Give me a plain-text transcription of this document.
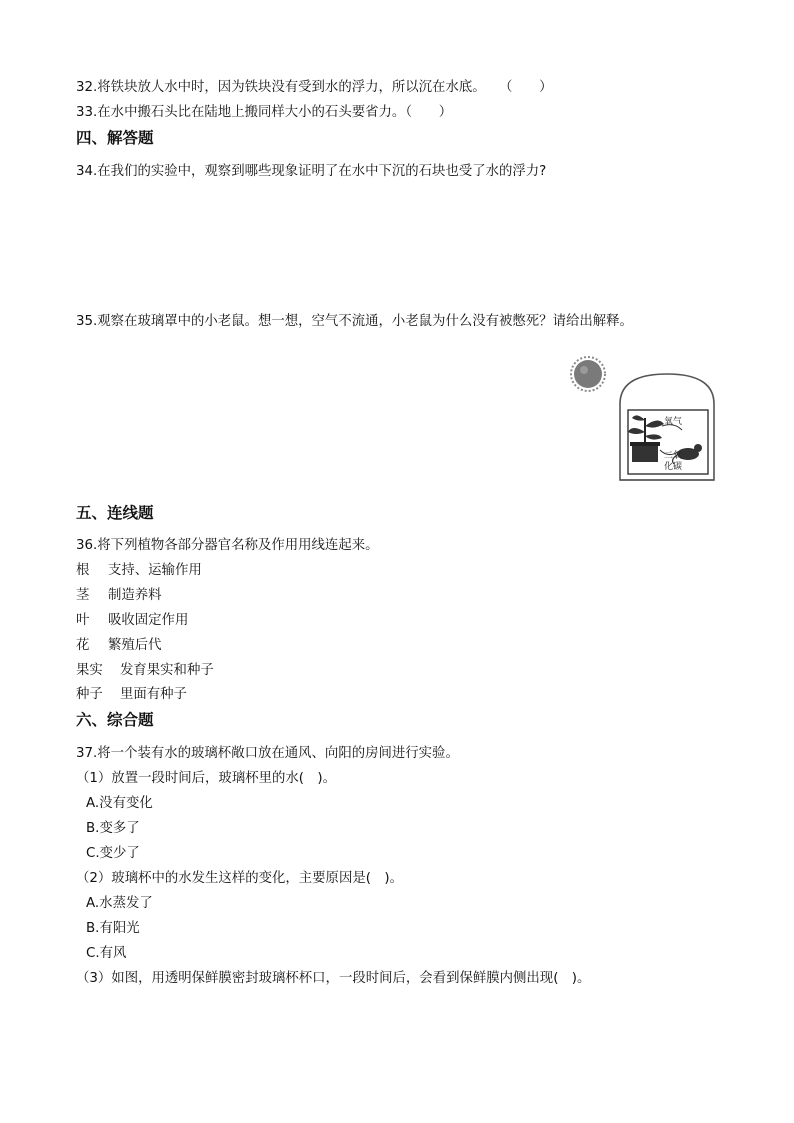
32.将铁块放人水中时，因为铁块没有受到水的浮力，所以沉在水底。　　（　　）
33.在水中搬石头比在陆地上搬同样大小的石头要省力。（　　）
四、解答题
34.在我们的实验中，观察到哪些现象证明了在水中下沉的石块也受了水的浮力?
35.观察在玻璃罩中的小老鼠。想一想，空气不流通，小老鼠为什么没有被憋死？请给出解释。
氧气
二氧
化碳
五、连线题
36.将下列植物各部分器官名称及作用用线连起来。
根 支持、运输作用
茎 制造养料
叶 吸收固定作用
花 繁殖后代
果实 发育果实和种子
种子 里面有种子
六、综合题
37.将一个装有水的玻璃杯敞口放在通风、向阳的房间进行实验。
（1）放置一段时间后，玻璃杯里的水(　)。
A.没有变化
B.变多了
C.变少了
（2）玻璃杯中的水发生这样的变化，主要原因是(　)。
A.水蒸发了
B.有阳光
C.有风
（3）如图，用透明保鲜膜密封玻璃杯杯口，一段时间后，会看到保鲜膜内侧出现(　)。
